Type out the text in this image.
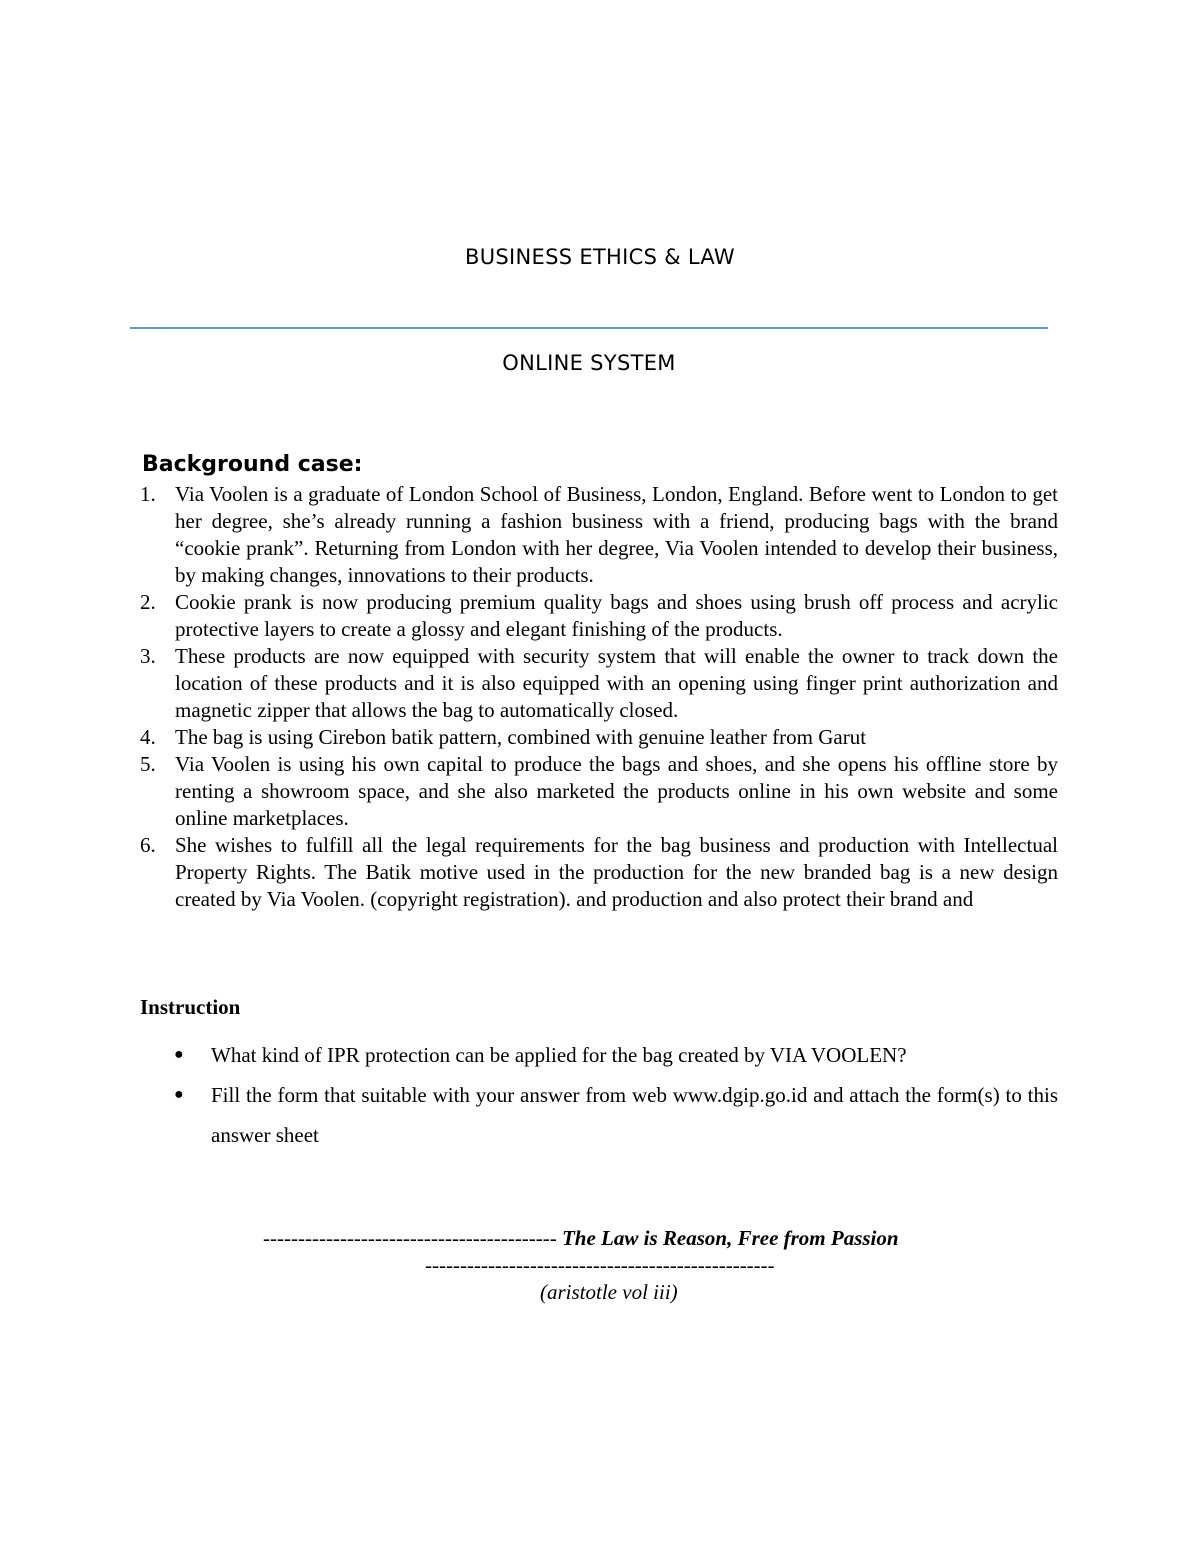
BUSINESS ETHICS & LAW
ONLINE SYSTEM
Background case:
1. Via Voolen is a graduate of London School of Business, London, England. Before went to London to get her degree, she’s already running a fashion business with a friend, producing bags with the brand “cookie prank”. Returning from London with her degree, Via Voolen intended to develop their business, by making changes, innovations to their products.
2. Cookie prank is now producing premium quality bags and shoes using brush off process and acrylic protective layers to create a glossy and elegant finishing of the products.
3. These products are now equipped with security system that will enable the owner to track down the location of these products and it is also equipped with an opening using finger print authorization and magnetic zipper that allows the bag to automatically closed.
4. The bag is using Cirebon batik pattern, combined with genuine leather from Garut
5. Via Voolen is using his own capital to produce the bags and shoes, and she opens his offline store by renting a showroom space, and she also marketed the products online in his own website and some online marketplaces.
6. She wishes to fulfill all the legal requirements for the bag business and production with Intellectual Property Rights. The Batik motive used in the production for the new branded bag is a new design created by Via Voolen. (copyright registration). and production and also protect their brand and
Instruction
● What kind of IPR protection can be applied for the bag created by VIA VOOLEN?
● Fill the form that suitable with your answer from web www.dgip.go.id and attach the form(s) to this answer sheet
------------------------------------------ The Law is Reason, Free from Passion
--------------------------------------------------
(aristotle vol iii)
